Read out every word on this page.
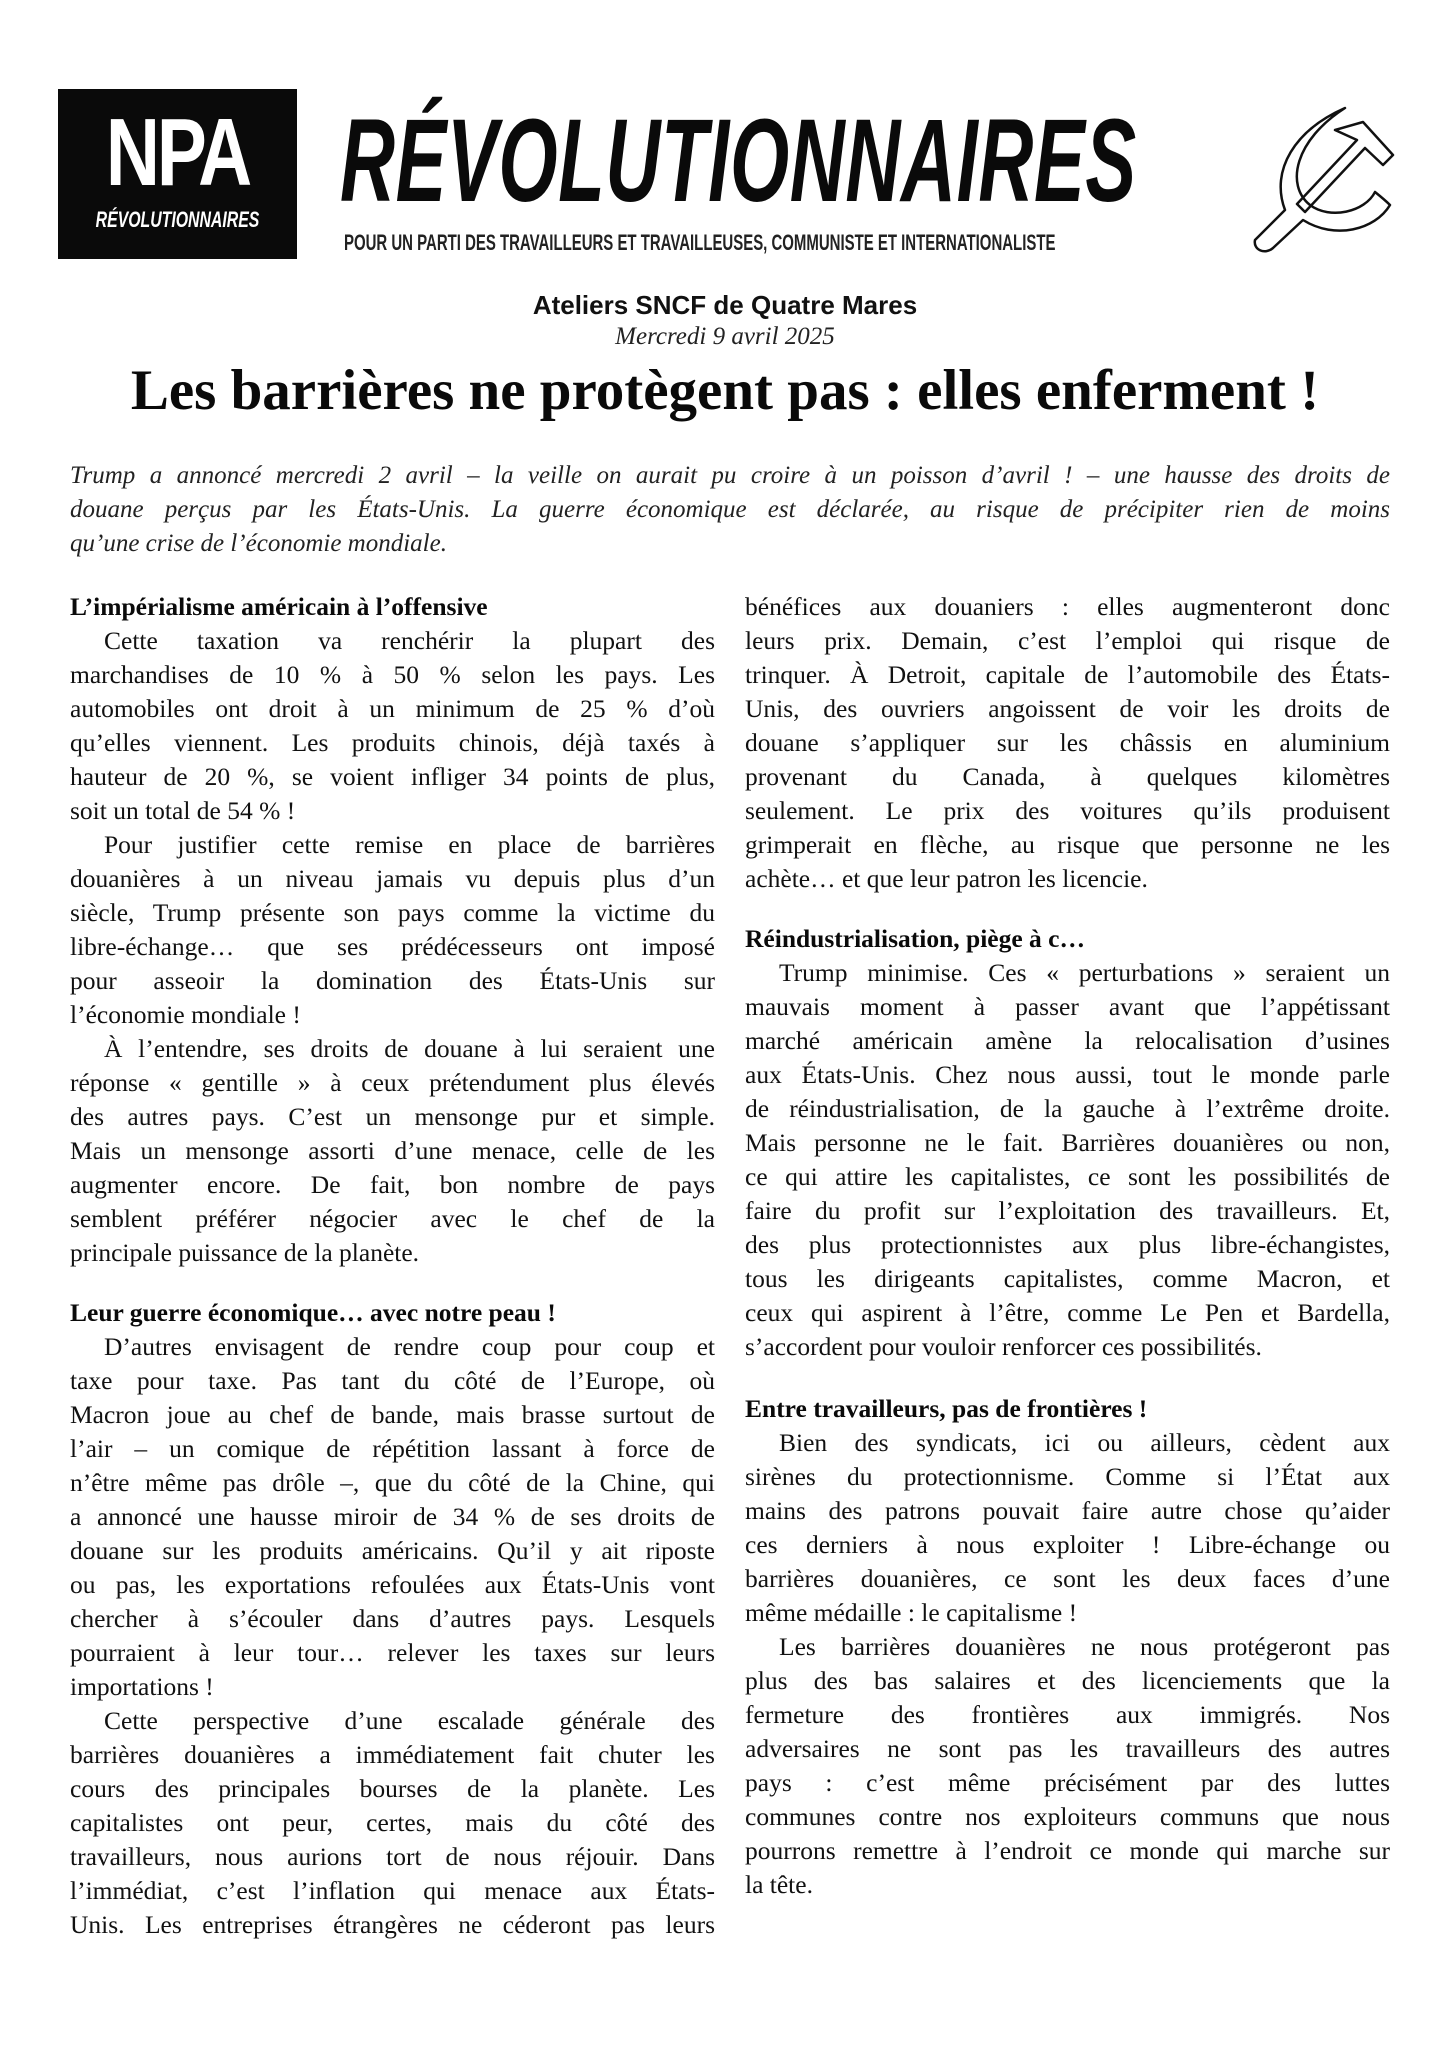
NPA
RÉVOLUTIONNAIRES RÉVOLUTIONNAIRES
POUR UN PARTI DES TRAVAILLEURS ET TRAVAILLEUSES, COMMUNISTE ET INTERNATIONALISTE
Ateliers SNCF de Quatre Mares
Mercredi 9 avril 2025
Les barrières ne protègent pas : elles enferment !
Trump a annoncé mercredi 2 avril – la veille on aurait pu croire à un poisson d’avril ! – une hausse des droits de
douane perçus par les États-Unis. La guerre économique est déclarée, au risque de précipiter rien de moins
qu’une crise de l’économie mondiale.
L’impérialisme américain à l’offensive
Cette taxation va renchérir la plupart des
marchandises de 10 % à 50 % selon les pays. Les
automobiles ont droit à un minimum de 25 % d’où
qu’elles viennent. Les produits chinois, déjà taxés à
hauteur de 20 %, se voient infliger 34 points de plus,
soit un total de 54 % !
Pour justifier cette remise en place de barrières
douanières à un niveau jamais vu depuis plus d’un
siècle, Trump présente son pays comme la victime du
libre-échange… que ses prédécesseurs ont imposé
pour asseoir la domination des États-Unis sur
l’économie mondiale !
À l’entendre, ses droits de douane à lui seraient une
réponse « gentille » à ceux prétendument plus élevés
des autres pays. C’est un mensonge pur et simple.
Mais un mensonge assorti d’une menace, celle de les
augmenter encore. De fait, bon nombre de pays
semblent préférer négocier avec le chef de la
principale puissance de la planète.
Leur guerre économique… avec notre peau !
D’autres envisagent de rendre coup pour coup et
taxe pour taxe. Pas tant du côté de l’Europe, où
Macron joue au chef de bande, mais brasse surtout de
l’air – un comique de répétition lassant à force de
n’être même pas drôle –, que du côté de la Chine, qui
a annoncé une hausse miroir de 34 % de ses droits de
douane sur les produits américains. Qu’il y ait riposte
ou pas, les exportations refoulées aux États-Unis vont
chercher à s’écouler dans d’autres pays. Lesquels
pourraient à leur tour… relever les taxes sur leurs
importations !
Cette perspective d’une escalade générale des
barrières douanières a immédiatement fait chuter les
cours des principales bourses de la planète. Les
capitalistes ont peur, certes, mais du côté des
travailleurs, nous aurions tort de nous réjouir. Dans
l’immédiat, c’est l’inflation qui menace aux États-
Unis. Les entreprises étrangères ne céderont pas leurs
bénéfices aux douaniers : elles augmenteront donc
leurs prix. Demain, c’est l’emploi qui risque de
trinquer. À Detroit, capitale de l’automobile des États-
Unis, des ouvriers angoissent de voir les droits de
douane s’appliquer sur les châssis en aluminium
provenant du Canada, à quelques kilomètres
seulement. Le prix des voitures qu’ils produisent
grimperait en flèche, au risque que personne ne les
achète… et que leur patron les licencie.
Réindustrialisation, piège à c…
Trump minimise. Ces « perturbations » seraient un
mauvais moment à passer avant que l’appétissant
marché américain amène la relocalisation d’usines
aux États-Unis. Chez nous aussi, tout le monde parle
de réindustrialisation, de la gauche à l’extrême droite.
Mais personne ne le fait. Barrières douanières ou non,
ce qui attire les capitalistes, ce sont les possibilités de
faire du profit sur l’exploitation des travailleurs. Et,
des plus protectionnistes aux plus libre-échangistes,
tous les dirigeants capitalistes, comme Macron, et
ceux qui aspirent à l’être, comme Le Pen et Bardella,
s’accordent pour vouloir renforcer ces possibilités.
Entre travailleurs, pas de frontières !
Bien des syndicats, ici ou ailleurs, cèdent aux
sirènes du protectionnisme. Comme si l’État aux
mains des patrons pouvait faire autre chose qu’aider
ces derniers à nous exploiter ! Libre-échange ou
barrières douanières, ce sont les deux faces d’une
même médaille : le capitalisme !
Les barrières douanières ne nous protégeront pas
plus des bas salaires et des licenciements que la
fermeture des frontières aux immigrés. Nos
adversaires ne sont pas les travailleurs des autres
pays : c’est même précisément par des luttes
communes contre nos exploiteurs communs que nous
pourrons remettre à l’endroit ce monde qui marche sur
la tête.
